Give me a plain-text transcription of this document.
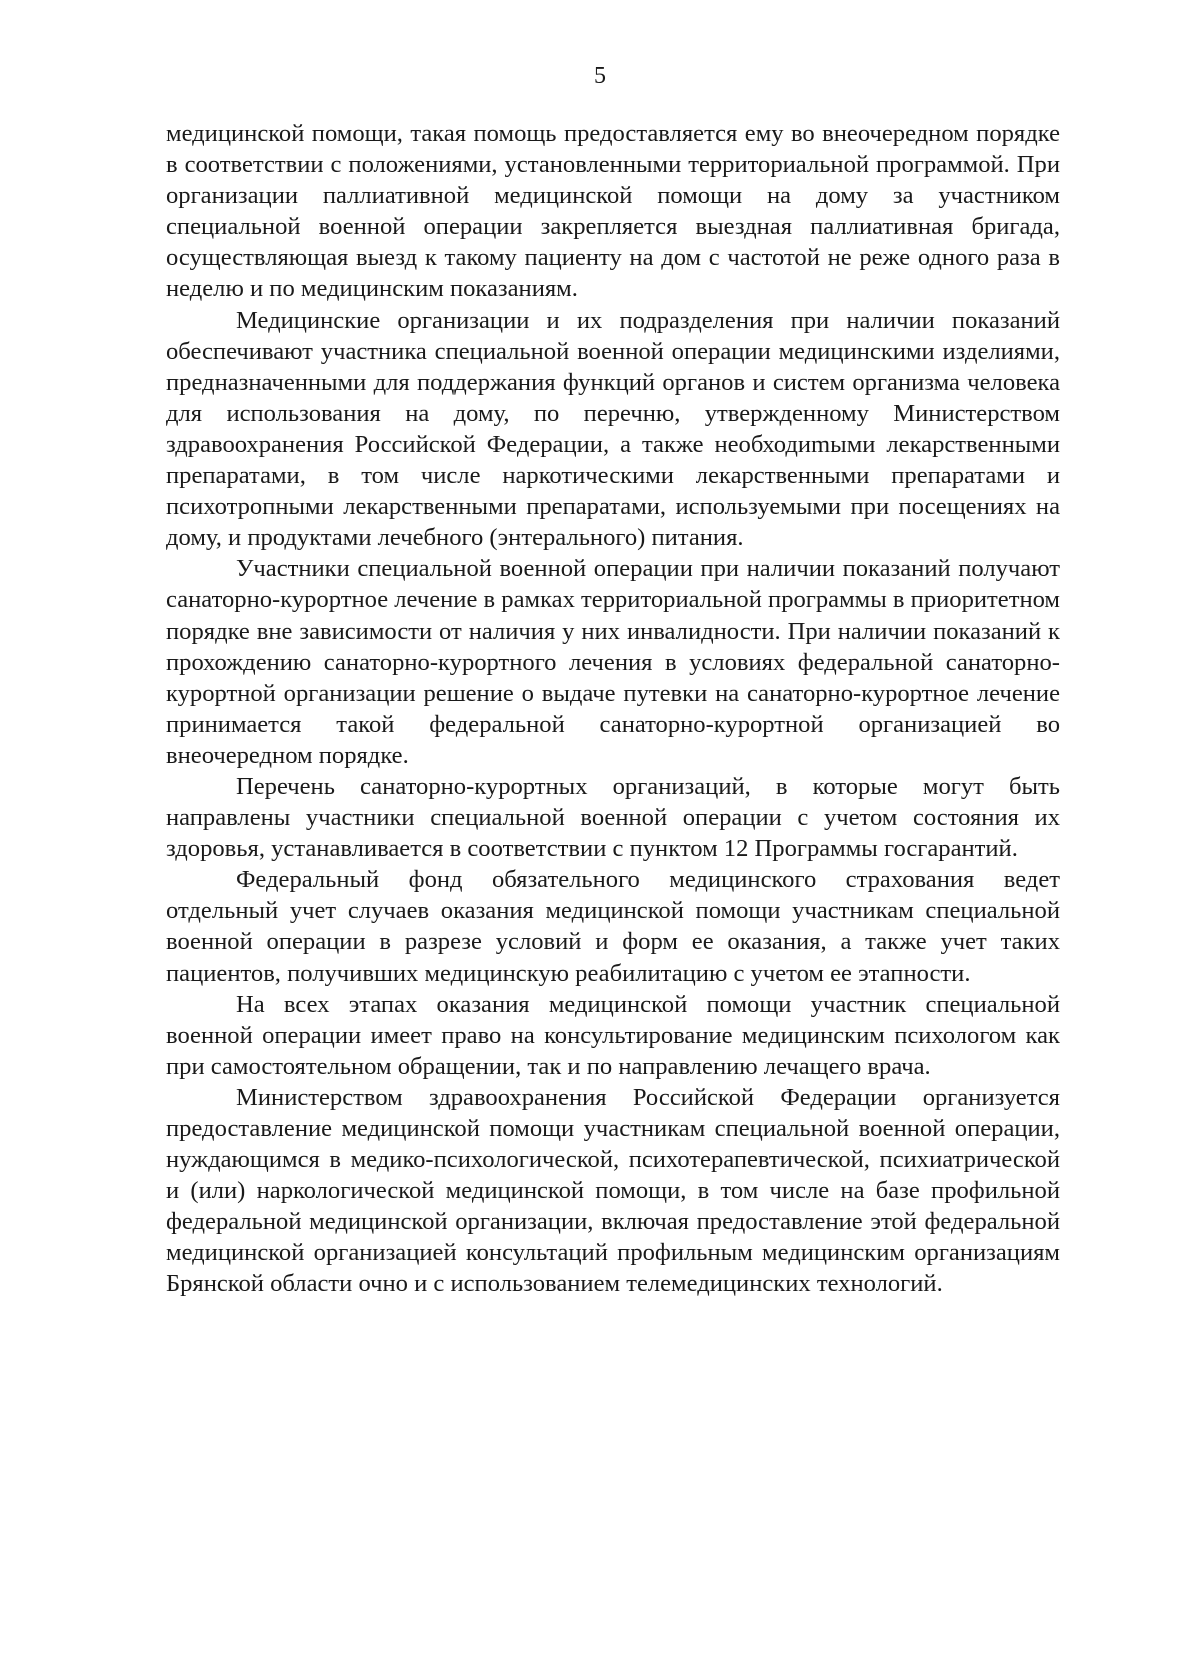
5

медицинской помощи, такая помощь предоставляется ему во внеочередном порядке в соответствии с положениями, установленными территориальной программой. При организации паллиативной медицинской помощи на дому за участником специальной военной операции закрепляется выездная паллиативная бригада, осуществляющая выезд к такому пациенту на дом с частотой не реже одного раза в неделю и по медицинским показаниям.

Медицинские организации и их подразделения при наличии показаний обеспечивают участника специальной военной операции медицинскими изделиями, предназначенными для поддержания функций органов и систем организма человека для использования на дому, по перечню, утвержденному Министерством здравоохранения Российской Федерации, а также необходиmыми лекарственными препаратами, в том числе наркотическими лекарственными препаратами и психотропными лекарственными препаратами, используемыми при посещениях на дому, и продуктами лечебного (энтерального) питания.

Участники специальной военной операции при наличии показаний получают санаторно-курортное лечение в рамках территориальной программы в приоритетном порядке вне зависимости от наличия у них инвалидности. При наличии показаний к прохождению санаторно-курортного лечения в условиях федеральной санаторно-курортной организации решение о выдаче путевки на санаторно-курортное лечение принимается такой федеральной санаторно-курортной организацией во внеочередном порядке.

Перечень санаторно-курортных организаций, в которые могут быть направлены участники специальной военной операции с учетом состояния их здоровья, устанавливается в соответствии с пунктом 12 Программы госгарантий.

Федеральный фонд обязательного медицинского страхования ведет отдельный учет случаев оказания медицинской помощи участникам специальной военной операции в разрезе условий и форм ее оказания, а также учет таких пациентов, получивших медицинскую реабилитацию с учетом ее этапности.

На всех этапах оказания медицинской помощи участник специальной военной операции имеет право на консультирование медицинским психологом как при самостоятельном обращении, так и по направлению лечащего врача.

Министерством здравоохранения Российской Федерации организуется предоставление медицинской помощи участникам специальной военной операции, нуждающимся в медико-психологической, психотерапевтической, психиатрической и (или) наркологической медицинской помощи, в том числе на базе профильной федеральной медицинской организации, включая предоставление этой федеральной медицинской организацией консультаций профильным медицинским организациям Брянской области очно и с использованием телемедицинских технологий.
